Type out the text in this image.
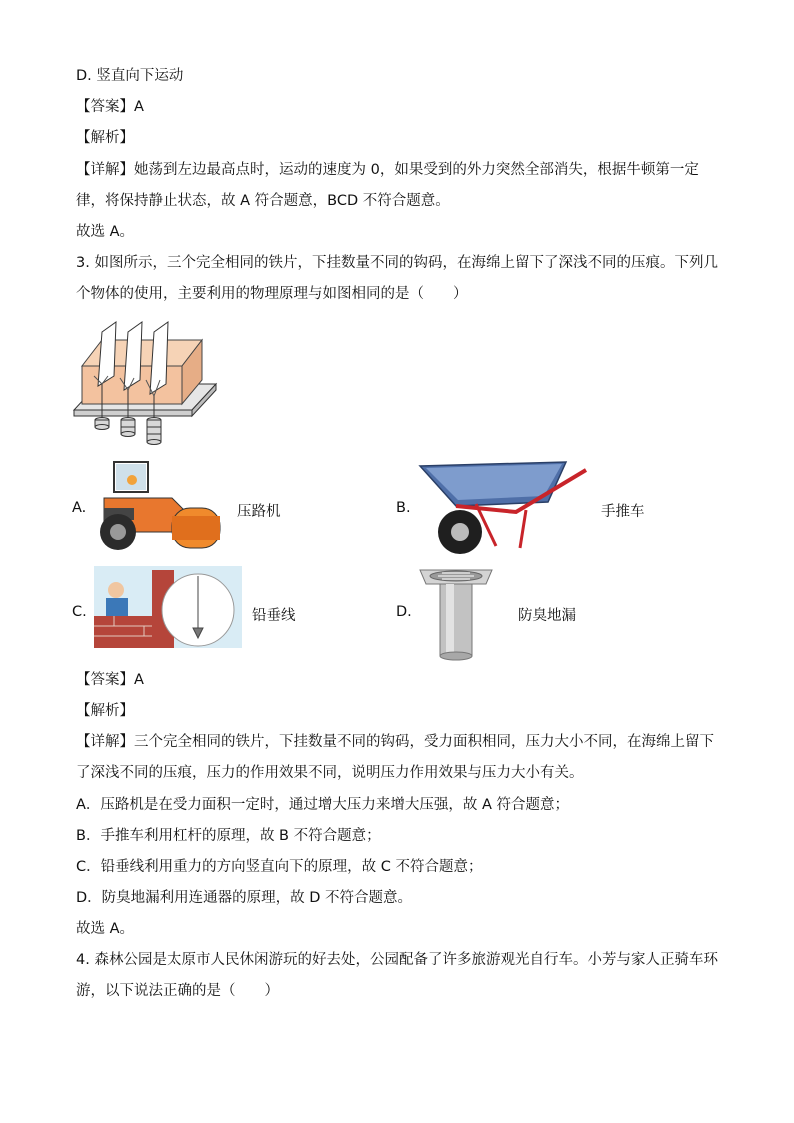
D. 竖直向下运动
【答案】A
【解析】
【详解】她荡到左边最高点时，运动的速度为 0，如果受到的外力突然全部消失，根据牛顿第一定律，将保持静止状态，故 A 符合题意，BCD 不符合题意。
故选 A。
3. 如图所示，三个完全相同的铁片，下挂数量不同的钩码，在海绵上留下了深浅不同的压痕。下列几个物体的使用，主要利用的物理原理与如图相同的是（　　）
A.	压路机	B.	手推车
C.	铅垂线	D.	防臭地漏
【答案】A
【解析】
【详解】三个完全相同的铁片，下挂数量不同的钩码，受力面积相同，压力大小不同，在海绵上留下了深浅不同的压痕，压力的作用效果不同，说明压力作用效果与压力大小有关。
A．压路机是在受力面积一定时，通过增大压力来增大压强，故 A 符合题意；
B．手推车利用杠杆的原理，故 B 不符合题意；
C．铅垂线利用重力的方向竖直向下的原理，故 C 不符合题意；
D．防臭地漏利用连通器的原理，故 D 不符合题意。
故选 A。
4. 森林公园是太原市人民休闲游玩的好去处，公园配备了许多旅游观光自行车。小芳与家人正骑车环游，以下说法正确的是（　　）
